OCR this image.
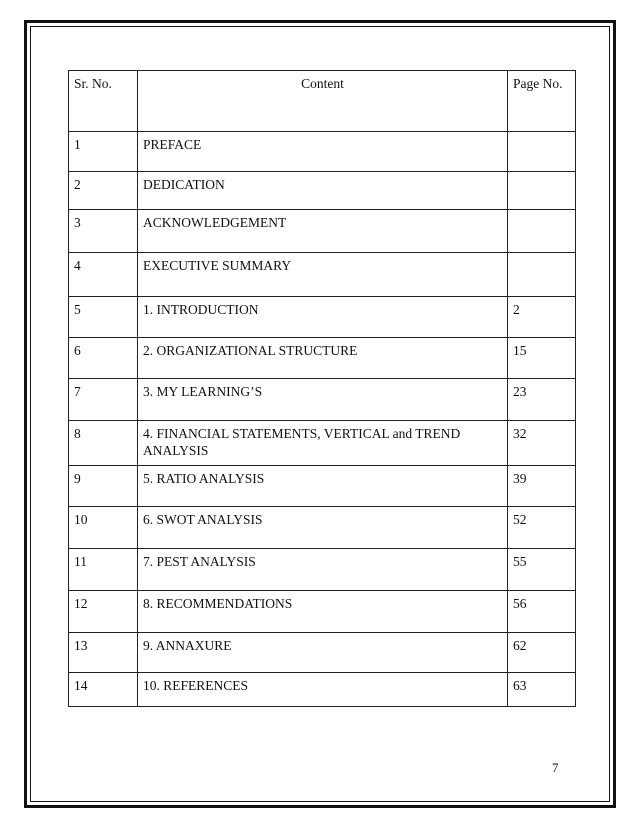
Sr. No.	Content	Page No.
1	PREFACE	
2	DEDICATION	
3	ACKNOWLEDGEMENT	
4	EXECUTIVE SUMMARY	
5	1. INTRODUCTION	2
6	2. ORGANIZATIONAL STRUCTURE	15
7	3. MY LEARNING’S	23
8	4. FINANCIAL STATEMENTS, VERTICAL and TREND ANALYSIS	32
9	5. RATIO ANALYSIS	39
10	6. SWOT ANALYSIS	52
11	7. PEST ANALYSIS	55
12	8. RECOMMENDATIONS	56
13	9. ANNAXURE	62
14	10. REFERENCES	63
7
